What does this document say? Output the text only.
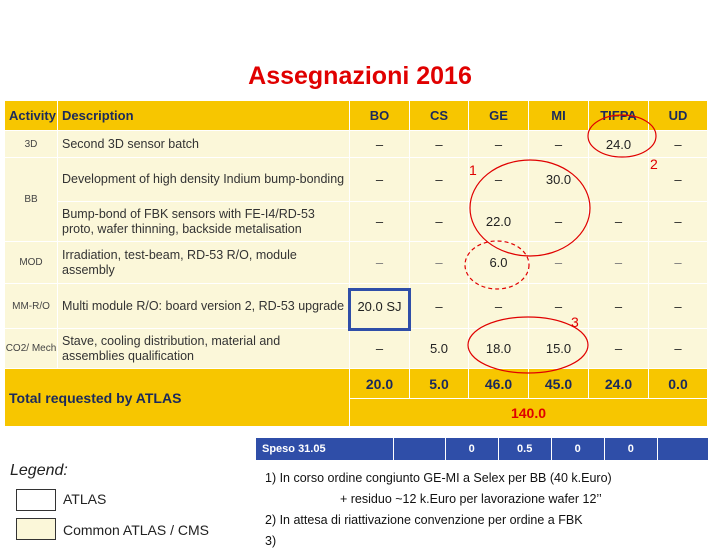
Assegnazioni 2016
Activity	Description	BO	CS	GE	MI	TIFPA	UD
3D	Second 3D sensor batch	–	–	–	–	24.0	–
BB	Development of high density Indium bump-bonding	–	–	–	30.0		–
	Bump-bond of FBK sensors with FE-I4/RD-53 proto, wafer thinning, backside metalisation	–	–	22.0	–	–	–
MOD	Irradiation, test-beam, RD-53 R/O, module assembly	–	–	6.0	–	–	–
MM-R/O	Multi module R/O: board version 2, RD-53 upgrade	20.0 SJ	–	–	–	–	–
CO2/ Mech	Stave, cooling distribution, material and assemblies qualification	–	5.0	18.0	15.0	–	–
Total requested by ATLAS		20.0	5.0	46.0	45.0	24.0	0.0
		140.0					
Speso 31.05	0	0.5	0	0
1	2
3
Legend:
ATLAS
Common ATLAS / CMS
1) In corso ordine congiunto GE-MI a Selex per BB (40 k.Euro)
+ residuo ~12 k.Euro per lavorazione wafer 12’’
2) In attesa di riattivazione convenzione per ordine a FBK
3)
